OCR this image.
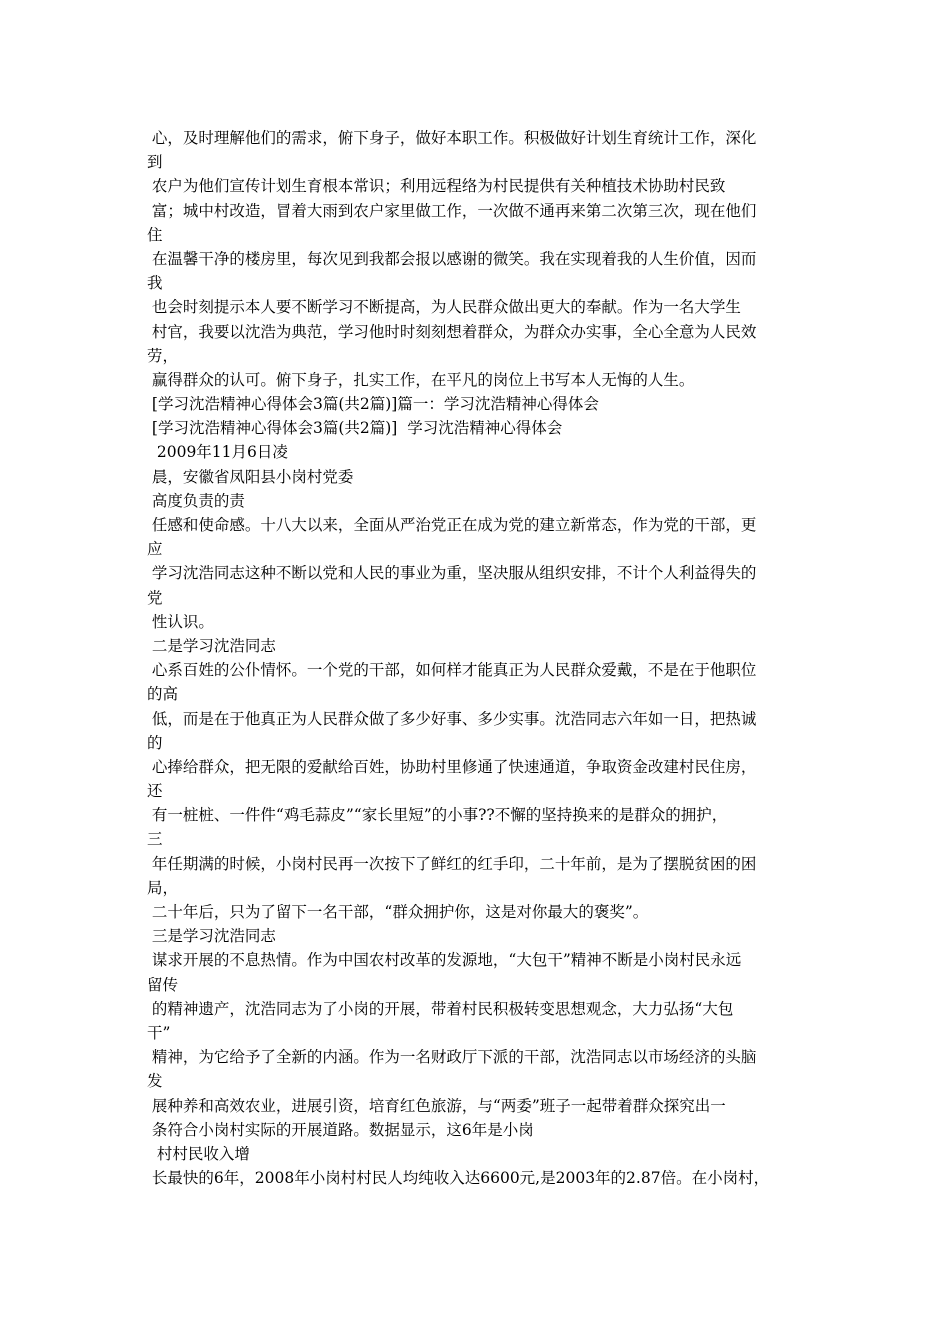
心，及时理解他们的需求，俯下身子，做好本职工作。积极做好计划生育统计工作，深化
到
农户为他们宣传计划生育根本常识；利用远程络为村民提供有关种植技术协助村民致
富；城中村改造，冒着大雨到农户家里做工作，一次做不通再来第二次第三次，现在他们
住
在温馨干净的楼房里，每次见到我都会报以感谢的微笑。我在实现着我的人生价值，因而
我
也会时刻提示本人要不断学习不断提高，为人民群众做出更大的奉献。作为一名大学生
村官，我要以沈浩为典范，学习他时时刻刻想着群众，为群众办实事，全心全意为人民效
劳，
赢得群众的认可。俯下身子，扎实工作，在平凡的岗位上书写本人无悔的人生。
[学习沈浩精神心得体会3篇(共2篇)]篇一：学习沈浩精神心得体会
[学习沈浩精神心得体会3篇(共2篇)]  学习沈浩精神心得体会
2009年11月6日凌
晨，安徽省凤阳县小岗村党委
高度负责的责
任感和使命感。十八大以来，全面从严治党正在成为党的建立新常态，作为党的干部，更
应
学习沈浩同志这种不断以党和人民的事业为重，坚决服从组织安排，不计个人利益得失的
党
性认识。
二是学习沈浩同志
心系百姓的公仆情怀。一个党的干部，如何样才能真正为人民群众爱戴，不是在于他职位
的高
低，而是在于他真正为人民群众做了多少好事、多少实事。沈浩同志六年如一日，把热诚
的
心捧给群众，把无限的爱献给百姓，协助村里修通了快速通道，争取资金改建村民住房，
还
有一桩桩、一件件“鸡毛蒜皮”“家长里短”的小事??不懈的坚持换来的是群众的拥护，
三
年任期满的时候，小岗村民再一次按下了鲜红的红手印，二十年前，是为了摆脱贫困的困
局，
二十年后，只为了留下一名干部，“群众拥护你，这是对你最大的褒奖”。
三是学习沈浩同志
谋求开展的不息热情。作为中国农村改革的发源地，“大包干”精神不断是小岗村民永远
留传
的精神遗产，沈浩同志为了小岗的开展，带着村民积极转变思想观念，大力弘扬“大包
干”
精神，为它给予了全新的内涵。作为一名财政厅下派的干部，沈浩同志以市场经济的头脑
发
展种养和高效农业，进展引资，培育红色旅游，与“两委”班子一起带着群众探究出一
条符合小岗村实际的开展道路。数据显示，这6年是小岗
村村民收入增
长最快的6年，2008年小岗村村民人均纯收入达6600元,是2003年的2.87倍。在小岗村，
